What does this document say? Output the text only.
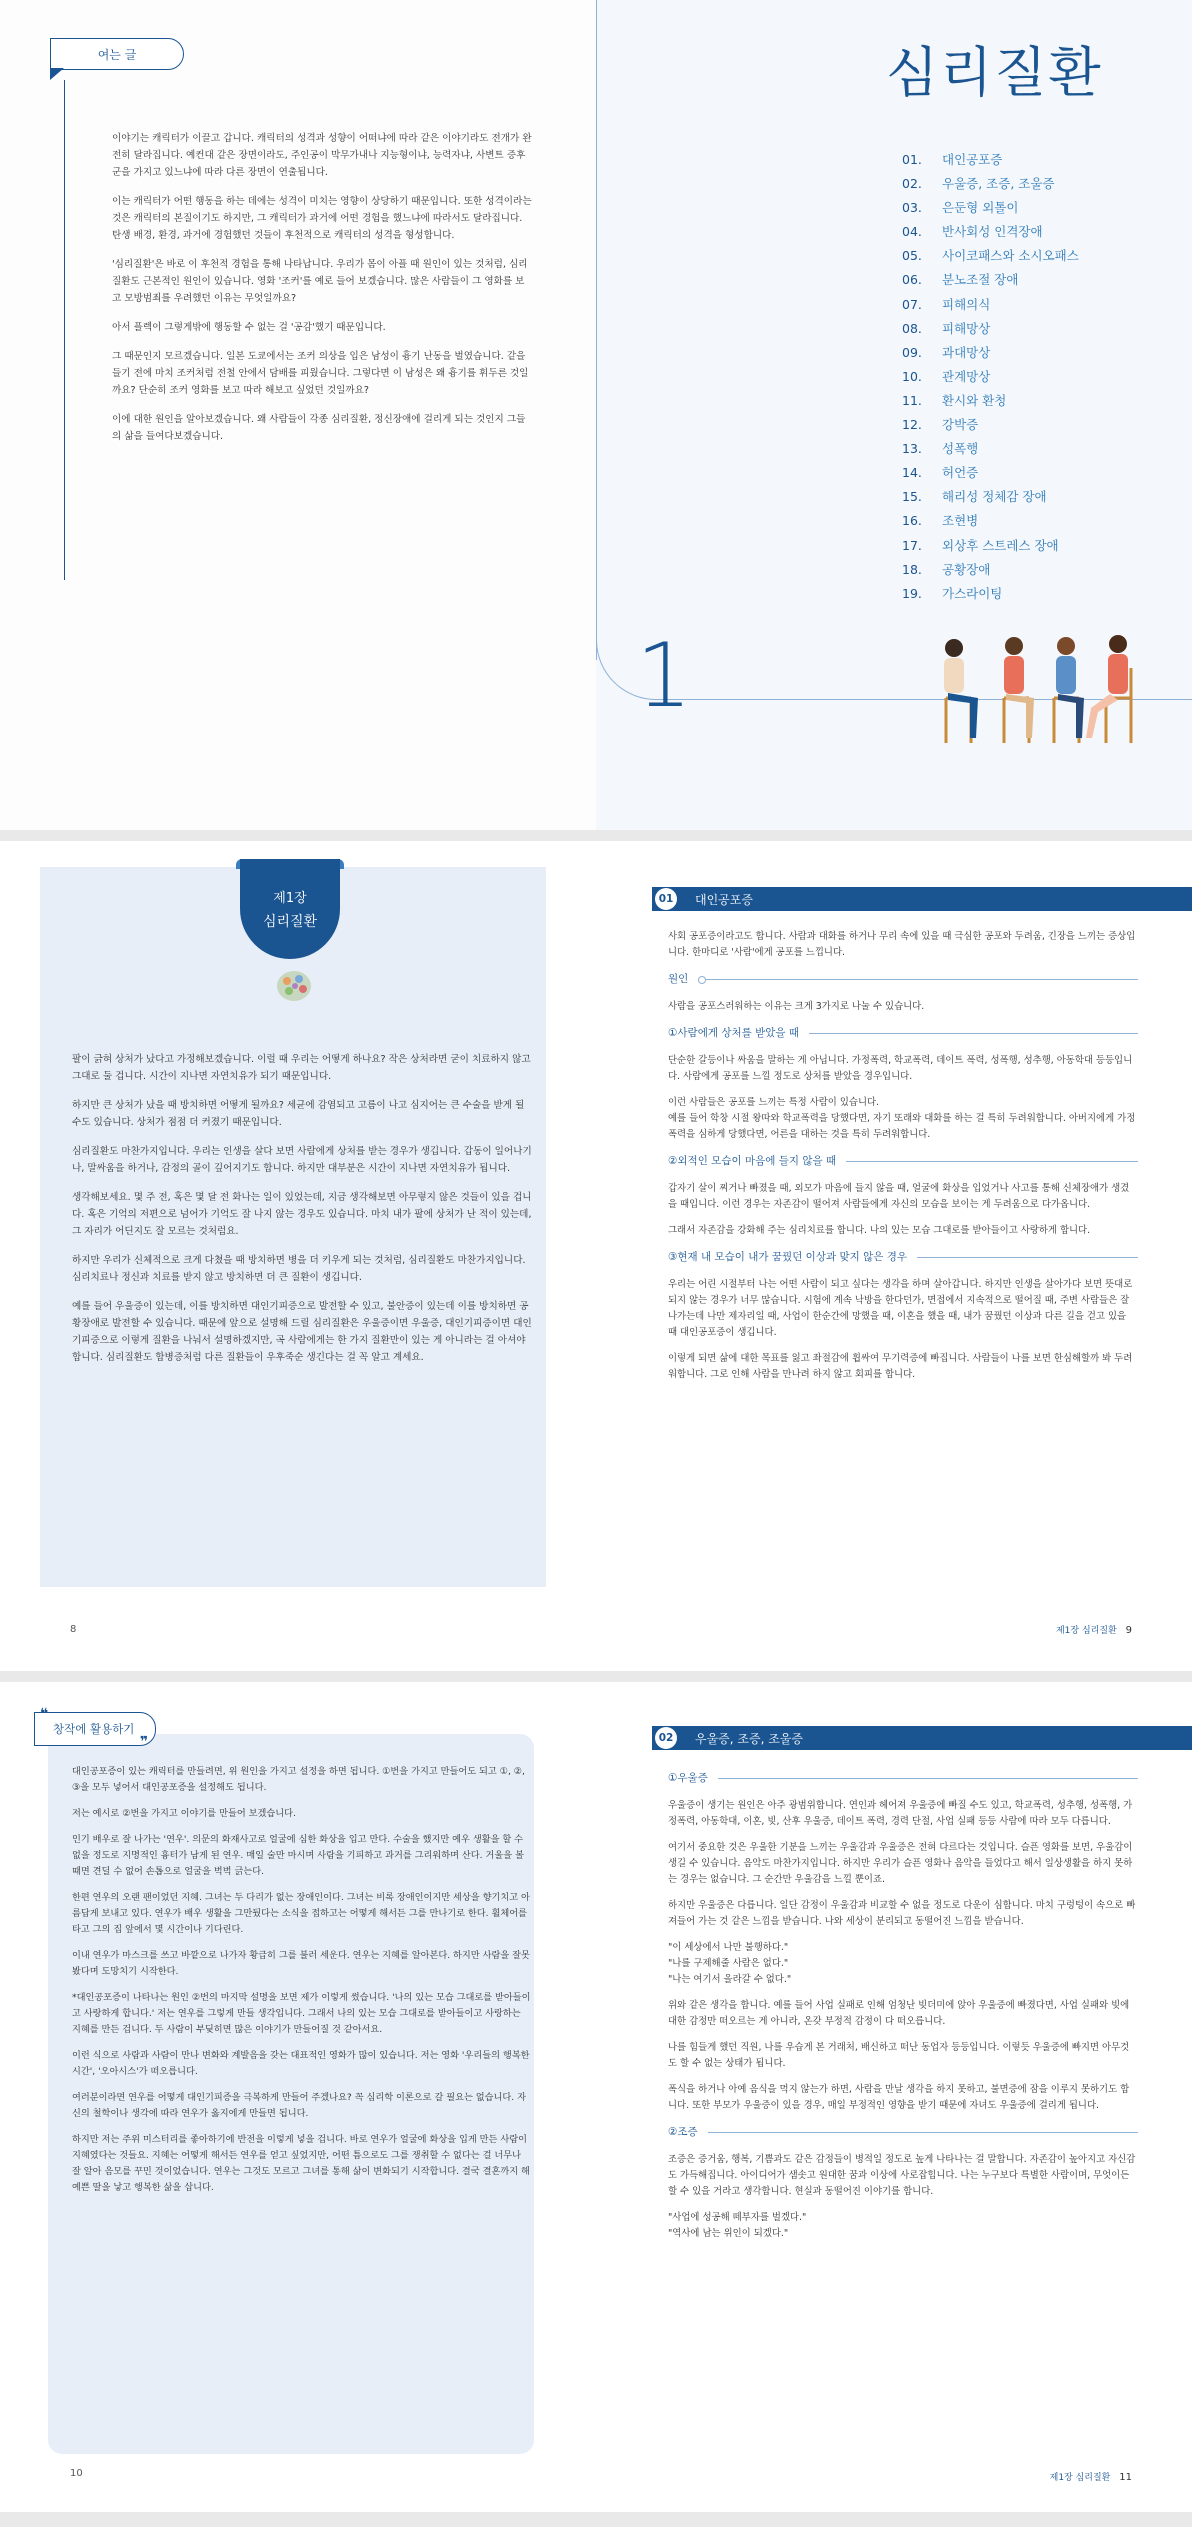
여는 글

이야기는 캐릭터가 이끌고 갑니다. 캐릭터의 성격과 성향이 어떠냐에 따라 같은 이야기라도 전개가 완전히 달라집니다. 예컨대 같은 장면이라도, 주인공이 막무가내나 지능형이냐, 능력자냐, 사변트 증후군을 가지고 있느냐에 따라 다른 장면이 연출됩니다.

이는 캐릭터가 어떤 행동을 하는 데에는 성격이 미치는 영향이 상당하기 때문입니다. 또한 성격이라는 것은 캐릭터의 본질이기도 하지만, 그 캐릭터가 과거에 어떤 경험을 했느냐에 따라서도 달라집니다. 탄생 배경, 환경, 과거에 경험했던 것들이 후천적으로 캐릭터의 성격을 형성합니다.

'심리질환'은 바로 이 후천적 경험을 통해 나타납니다. 우리가 몸이 아플 때 원인이 있는 것처럼, 심리질환도 근본적인 원인이 있습니다. 영화 '조커'를 예로 들어 보겠습니다. 많은 사람들이 그 영화를 보고 모방범죄를 우려했던 이유는 무엇일까요?

아서 플렉이 그렇게밖에 행동할 수 없는 걸 '공감'했기 때문입니다.

그 때문인지 모르겠습니다. 일본 도쿄에서는 조커 의상을 입은 남성이 흉기 난동을 벌였습니다. 같을 들기 전에 마치 조커처럼 전철 안에서 담배를 피웠습니다. 그렇다면 이 남성은 왜 흉기를 휘두른 것일까요? 단순히 조커 영화를 보고 따라 해보고 싶었던 것일까요?

이에 대한 원인을 알아보겠습니다. 왜 사람들이 각종 심리질환, 정신장애에 걸리게 되는 것인지 그들의 삶을 들여다보겠습니다.

심리질환
01.	대인공포증
02.	우울증, 조증, 조울증
03.	은둔형 외톨이
04.	반사회성 인격장애
05.	사이코패스와 소시오패스
06.	분노조절 장애
07.	피해의식
08.	피해망상
09.	과대망상
10.	관계망상
11.	환시와 환청
12.	강박증
13.	성폭행
14.	허언증
15.	해리성 정체감 장애
16.	조현병
17.	외상후 스트레스 장애
18.	공황장애
19.	가스라이팅
1
제1장
심리질환

팔이 긁혀 상처가 났다고 가정해보겠습니다. 이럴 때 우리는 어떻게 하나요? 작은 상처라면 굳이 치료하지 않고 그대로 둘 겁니다. 시간이 지나면 자연치유가 되기 때문입니다.

하지만 큰 상처가 났을 때 방치하면 어떻게 될까요? 세균에 감염되고 고름이 나고 심지어는 큰 수술을 받게 될 수도 있습니다. 상처가 점점 더 커졌기 때문입니다.

심리질환도 마찬가지입니다. 우리는 인생을 살다 보면 사람에게 상처를 받는 경우가 생깁니다. 갑동이 일어나기나, 말싸움을 하거나, 감정의 골이 깊어지기도 합니다. 하지만 대부분은 시간이 지나면 자연치유가 됩니다.

생각해보세요. 몇 주 전, 혹은 몇 달 전 화나는 일이 있었는데, 지금 생각해보면 아무렇지 않은 것들이 있을 겁니다. 혹은 기억의 저편으로 넘어가 기억도 잘 나지 않는 경우도 있습니다. 마치 내가 팔에 상처가 난 적이 있는데, 그 자리가 어딘지도 잘 모르는 것처럼요.

하지만 우리가 신체적으로 크게 다쳤을 때 방치하면 병을 더 키우게 되는 것처럼, 심리질환도 마찬가지입니다. 심리치료나 정신과 치료를 받지 않고 방치하면 더 큰 질환이 생깁니다.

예를 들어 우울증이 있는데, 이를 방치하면 대인기피증으로 발전할 수 있고, 불안증이 있는데 이를 방치하면 공황장애로 발전할 수 있습니다. 때문에 앞으로 설명해 드릴 심리질환은 우울증이면 우울증, 대인기피증이면 대인기피증으로 이렇게 질환을 나눠서 설명하겠지만, 곡 사람에게는 한 가지 질환만이 있는 게 아니라는 걸 아셔야 합니다. 심리질환도 합병증처럼 다른 질환들이 우후죽순 생긴다는 걸 꼭 알고 계세요.

8
01	대인공포증

사회 공포증이라고도 합니다. 사람과 대화를 하거나 무리 속에 있을 때 극심한 공포와 두려움, 긴장을 느끼는 증상입니다. 한마디로 '사람'에게 공포를 느낍니다.

원인

사람을 공포스러워하는 이유는 크게 3가지로 나눌 수 있습니다.

①사람에게 상처를 받았을 때

단순한 갈등이나 싸움을 말하는 게 아닙니다. 가정폭력, 학교폭력, 데이트 폭력, 성폭행, 성추행, 아동학대 등등입니다. 사람에게 공포를 느낄 정도로 상처를 받았을 경우입니다.

이런 사람들은 공포를 느끼는 특정 사람이 있습니다.
예를 들어 학창 시절 왕따와 학교폭력을 당했다면, 자기 또래와 대화를 하는 걸 특히 두려워합니다. 아버지에게 가정폭력을 심하게 당했다면, 어른을 대하는 것을 특히 두려워합니다.

②외적인 모습이 마음에 들지 않을 때

갑자기 살이 찌거나 빠졌을 때, 외모가 마음에 들지 않을 때, 얼굴에 화상을 입었거나 사고를 통해 신체장애가 생겼을 때입니다. 이런 경우는 자존감이 떨어져 사람들에게 자신의 모습을 보이는 게 두려움으로 다가옵니다.

그래서 자존감을 강화해 주는 심리치료를 합니다. 나의 있는 모습 그대로를 받아들이고 사랑하게 합니다.

③현재 내 모습이 내가 꿈꿨던 이상과 맞지 않은 경우

우리는 어린 시절부터 나는 어떤 사람이 되고 싶다는 생각을 하며 살아갑니다. 하지만 인생을 살아가다 보면 뜻대로 되지 않는 경우가 너무 많습니다. 시험에 계속 낙방을 한다던가, 면접에서 지속적으로 떨어질 때, 주변 사람들은 잘 나가는데 나만 제자리일 때, 사업이 한순간에 망했을 때, 이혼을 했을 때, 내가 꿈꿨던 이상과 다른 길을 걷고 있을 때 대인공포증이 생깁니다.

이렇게 되면 삶에 대한 목표를 잃고 좌절감에 휩싸여 무기력증에 빠집니다. 사람들이 나를 보면 한심해할까 봐 두려워합니다. 그로 인해 사람을 만나려 하지 않고 회피를 합니다.

제1장 심리질환 9
창작에 활용하기
❝
❞

대인공포증이 있는 캐릭터를 만들려면, 위 원인을 가지고 설정을 하면 됩니다. ①번을 가지고 만들어도 되고 ①, ②, ③을 모두 넣어서 대인공포증을 설정해도 됩니다.

저는 예시로 ②번을 가지고 이야기를 만들어 보겠습니다.

인기 배우로 잘 나가는 '연우'. 의문의 화재사고로 얼굴에 심한 화상을 입고 만다. 수술을 했지만 예우 생활을 할 수 없을 정도로 지명적인 흉터가 남게 된 연우. 매일 술만 마시며 사람을 기피하고 과거를 그리워하며 산다. 거울을 볼 때면 견딜 수 없어 손톱으로 얼굴을 벅벅 긁는다.

한편 연우의 오랜 팬이었던 지혜. 그녀는 두 다리가 없는 장애인이다. 그녀는 비록 장애인이지만 세상을 향기치고 아름답게 보내고 있다. 연우가 배우 생활을 그만뒀다는 소식을 접하고는 어떻게 해서든 그를 만나기로 한다. 휠체어를 타고 그의 집 앞에서 몇 시간이나 기다린다.

이내 연우가 마스크를 쓰고 바깥으로 나가자 황급히 그를 불러 세운다. 연우는 지혜를 알아본다. 하지만 사람을 잘못 봤다며 도망치기 시작한다.

*대인공포증이 나타나는 원인 ②번의 마지막 설명을 보면 제가 이렇게 썼습니다. '나의 있는 모습 그대로를 받아들이고 사랑하게 합니다.' 저는 연우를 그렇게 만들 생각입니다. 그래서 나의 있는 모습 그대로를 받아들이고 사랑하는 지혜를 만든 겁니다. 두 사람이 부딪히면 많은 이야기가 만들어질 것 같아서요.

이런 식으로 사람과 사람이 만나 변화와 계발음을 갖는 대표적인 영화가 많이 있습니다. 저는 영화 '우리들의 행복한 시간', '오아시스'가 떠오릅니다.

여러분이라면 연우를 어떻게 대인기피증을 극복하게 만들어 주겠나요? 꼭 심리학 이론으로 갈 필요는 없습니다. 자신의 철학이나 생각에 따라 연우가 옳지에게 만들면 됩니다.

하지만 저는 주위 미스터리를 좋아하기에 반전을 이렇게 넣을 겁니다. 바로 연우가 얼굴에 화상을 입게 만든 사람이 지혜였다는 것들요. 지혜는 어떻게 해서든 연우를 얻고 싶었지만, 어떤 틈으로도 그를 쟁취할 수 없다는 걸 너무나 잘 알아 음모를 꾸민 것이었습니다. 연우는 그것도 모르고 그녀를 통해 삶이 변화되기 시작합니다. 결국 결혼까지 해 예쁜 딸을 낳고 행복한 삶을 삽니다.

10
02	우울증, 조증, 조울증
①우울증

우울증이 생기는 원인은 아주 광범위합니다. 연인과 헤어져 우울증에 빠질 수도 있고, 학교폭력, 성추행, 성폭행, 가정폭력, 아동학대, 이혼, 빚, 산후 우울증, 데이트 폭력, 경력 단절, 사업 실패 등등 사람에 따라 모두 다릅니다.

여기서 중요한 것은 우울한 기분을 느끼는 우울감과 우울증은 전혀 다르다는 것입니다. 슬픈 영화를 보면, 우울감이 생길 수 있습니다. 음악도 마찬가지입니다. 하지만 우리가 슬픈 영화나 음악을 들었다고 해서 일상생활을 하지 못하는 경우는 없습니다. 그 순간만 우울감을 느낄 뿐이죠.

하지만 우울증은 다릅니다. 일단 감정이 우울감과 비교할 수 없을 정도로 다운이 심합니다. 마치 구렁텅이 속으로 빠져들어 가는 것 같은 느낌을 받습니다. 나와 세상이 분리되고 동떨어진 느낌을 받습니다.

"이 세상에서 나만 불행하다."
"나를 구제해줄 사람은 없다."
"나는 여기서 올라갈 수 없다."

위와 같은 생각을 합니다. 예를 들어 사업 실패로 인해 엄청난 빚더미에 앉아 우울증에 빠졌다면, 사업 실패와 빚에 대한 감정만 떠오르는 게 아니라, 온갖 부정적 감정이 다 떠오릅니다.

나를 힘들게 했던 직원, 나를 우습게 본 거래처, 배신하고 떠난 동업자 등등입니다. 이렇듯 우울증에 빠지면 아무것도 할 수 없는 상태가 됩니다.

폭식을 하거나 아예 음식을 먹지 않는가 하면, 사람을 만날 생각을 하지 못하고, 불면증에 잠을 이루지 못하기도 합니다. 또한 부모가 우울증이 있을 경우, 매일 부정적인 영향을 받기 때문에 자녀도 우울증에 걸리게 됩니다.

②조증

조증은 증거움, 행복, 기쁨과도 같은 감정들이 병적일 정도로 높게 나타나는 걸 말합니다. 자존감이 높아지고 자신감도 가득해집니다. 아이디어가 샘솟고 원대한 꿈과 이상에 사로잡힙니다. 나는 누구보다 특별한 사람이며, 무엇이든 할 수 있을 거라고 생각합니다. 현실과 동떨어진 이야기를 합니다.

"사업에 성공해 떼부자를 벌겠다."
"역사에 남는 위인이 되겠다."

제1장 심리질환 11
